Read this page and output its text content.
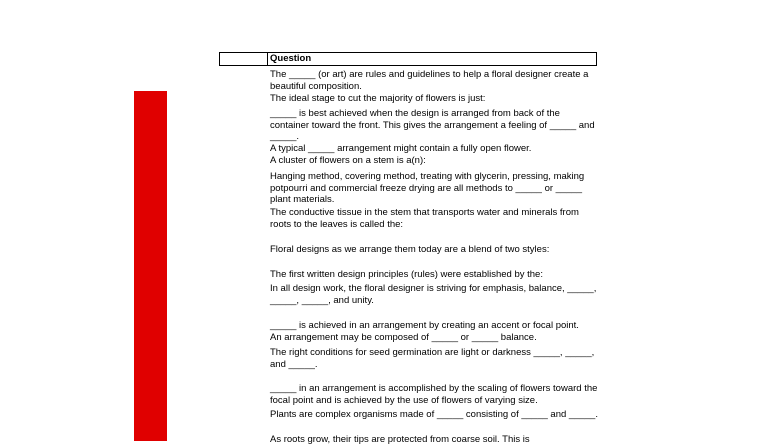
Question
The _____ (or art) are rules and guidelines to help a floral designer create a beautiful composition.
The ideal stage to cut the majority of flowers is just:
_____ is best achieved when the design is arranged from back of the container toward the front. This gives the arrangement a feeling of _____ and _____.
A typical _____ arrangement might contain a fully open flower.
A cluster of flowers on a stem is a(n):
Hanging method, covering method, treating with glycerin, pressing, making potpourri and commercial freeze drying are all methods to _____ or _____ plant materials.
The conductive tissue in the stem that transports water and minerals from roots to the leaves is called the:
Floral designs as we arrange them today are a blend of two styles:
The first written design principles (rules) were established by the:
In all design work, the floral designer is striving for emphasis, balance, _____, _____, _____, and unity.
_____ is achieved in an arrangement by creating an accent or focal point.
An arrangement may be composed of _____ or _____ balance.
The right conditions for seed germination are light or darkness _____, _____, and _____.
_____ in an arrangement is accomplished by the scaling of flowers toward the focal point and is achieved by the use of flowers of varying size.
Plants are complex organisms made of _____ consisting of _____ and _____.
As roots grow, their tips are protected from coarse soil. This is
